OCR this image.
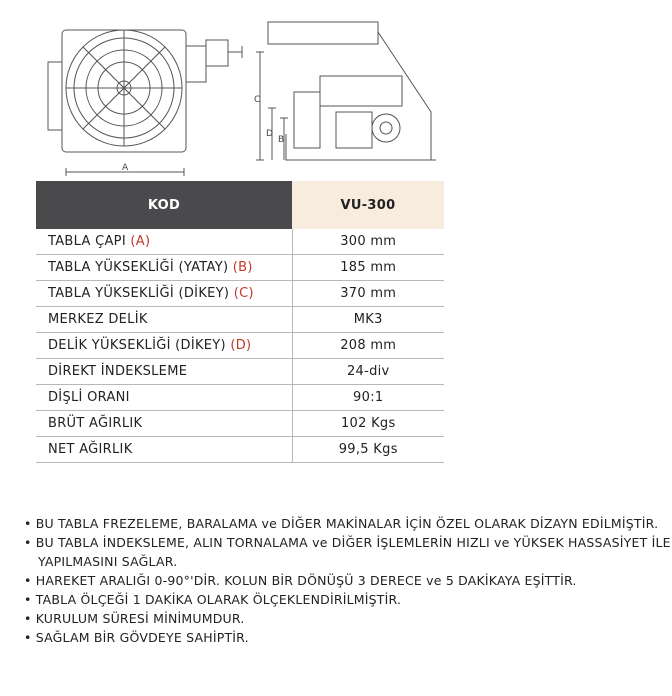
A
C
D
B
KOD	VU-300
TABLA ÇAPI (A)	300 mm
TABLA YÜKSEKLİĞİ (YATAY) (B)	185 mm
TABLA YÜKSEKLİĞİ (DİKEY) (C)	370 mm
MERKEZ DELİK	MK3
DELİK YÜKSEKLİĞİ (DİKEY) (D)	208 mm
DİREKT İNDEKSLEME	24-div
DİŞLİ ORANI	90:1
BRÜT AĞIRLIK	102 Kgs
NET AĞIRLIK	99,5 Kgs
• BU TABLA FREZELEME, BARALAMA ve DİĞER MAKİNALAR İÇİN ÖZEL OLARAK DİZAYN EDİLMİŞTİR.
• BU TABLA İNDEKSLEME, ALIN TORNALAMA ve DİĞER İŞLEMLERİN HIZLI ve YÜKSEK HASSASİYET İLE YAPILMASINI SAĞLAR.
• HAREKET ARALIĞI 0-90°'DİR. KOLUN BİR DÖNÜŞÜ 3 DERECE ve 5 DAKİKAYA EŞİTTİR.
• TABLA ÖLÇEĞİ 1 DAKİKA OLARAK ÖLÇEKLENDİRİLMİŞTİR.
• KURULUM SÜRESİ MİNİMUMDUR.
• SAĞLAM BİR GÖVDEYE SAHİPTİR.
